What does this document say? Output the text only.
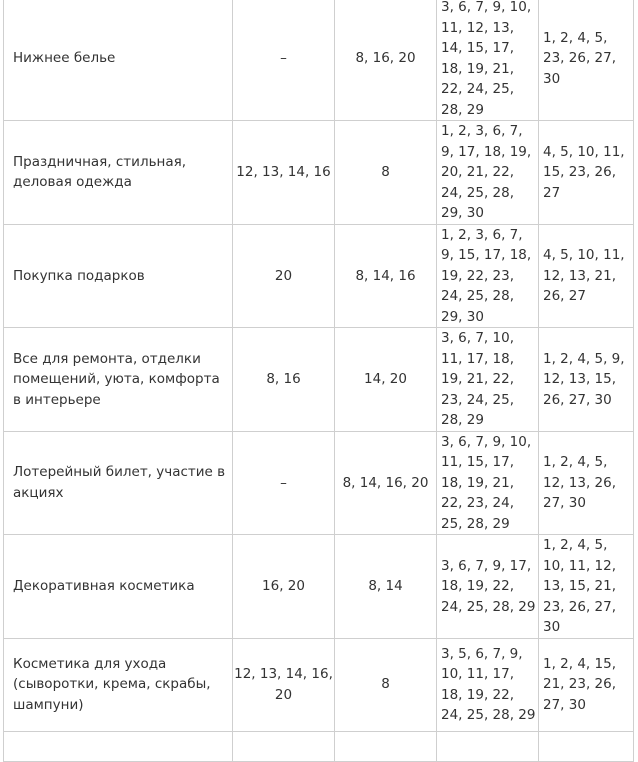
Нижнее белье	–	8, 16, 20	3, 6, 7, 9, 10, 11, 12, 13, 14, 15, 17, 18, 19, 21, 22, 24, 25, 28, 29	1, 2, 4, 5, 23, 26, 27, 30

Праздничная, стильная, деловая одежда	12, 13, 14, 16	8	1, 2, 3, 6, 7, 9, 17, 18, 19, 20, 21, 22, 24, 25, 28, 29, 30	4, 5, 10, 11, 15, 23, 26, 27

Покупка подарков	20	8, 14, 16	1, 2, 3, 6, 7, 9, 15, 17, 18, 19, 22, 23, 24, 25, 28, 29, 30	4, 5, 10, 11, 12, 13, 21, 26, 27

Все для ремонта, отделки помещений, уюта, комфорта в интерьере	8, 16	14, 20	3, 6, 7, 10, 11, 17, 18, 19, 21, 22, 23, 24, 25, 28, 29	1, 2, 4, 5, 9, 12, 13, 15, 26, 27, 30

Лотерейный билет, участие в акциях	–	8, 14, 16, 20	3, 6, 7, 9, 10, 11, 15, 17, 18, 19, 21, 22, 23, 24, 25, 28, 29	1, 2, 4, 5, 12, 13, 26, 27, 30

Декоративная косметика	16, 20	8, 14	3, 6, 7, 9, 17, 18, 19, 22, 24, 25, 28, 29	1, 2, 4, 5, 10, 11, 12, 13, 15, 21, 23, 26, 27, 30

Косметика для ухода (сыворотки, крема, скрабы, шампуни)	12, 13, 14, 16, 20	8	3, 5, 6, 7, 9, 10, 11, 17, 18, 19, 22, 24, 25, 28, 29	1, 2, 4, 15, 21, 23, 26, 27, 30
